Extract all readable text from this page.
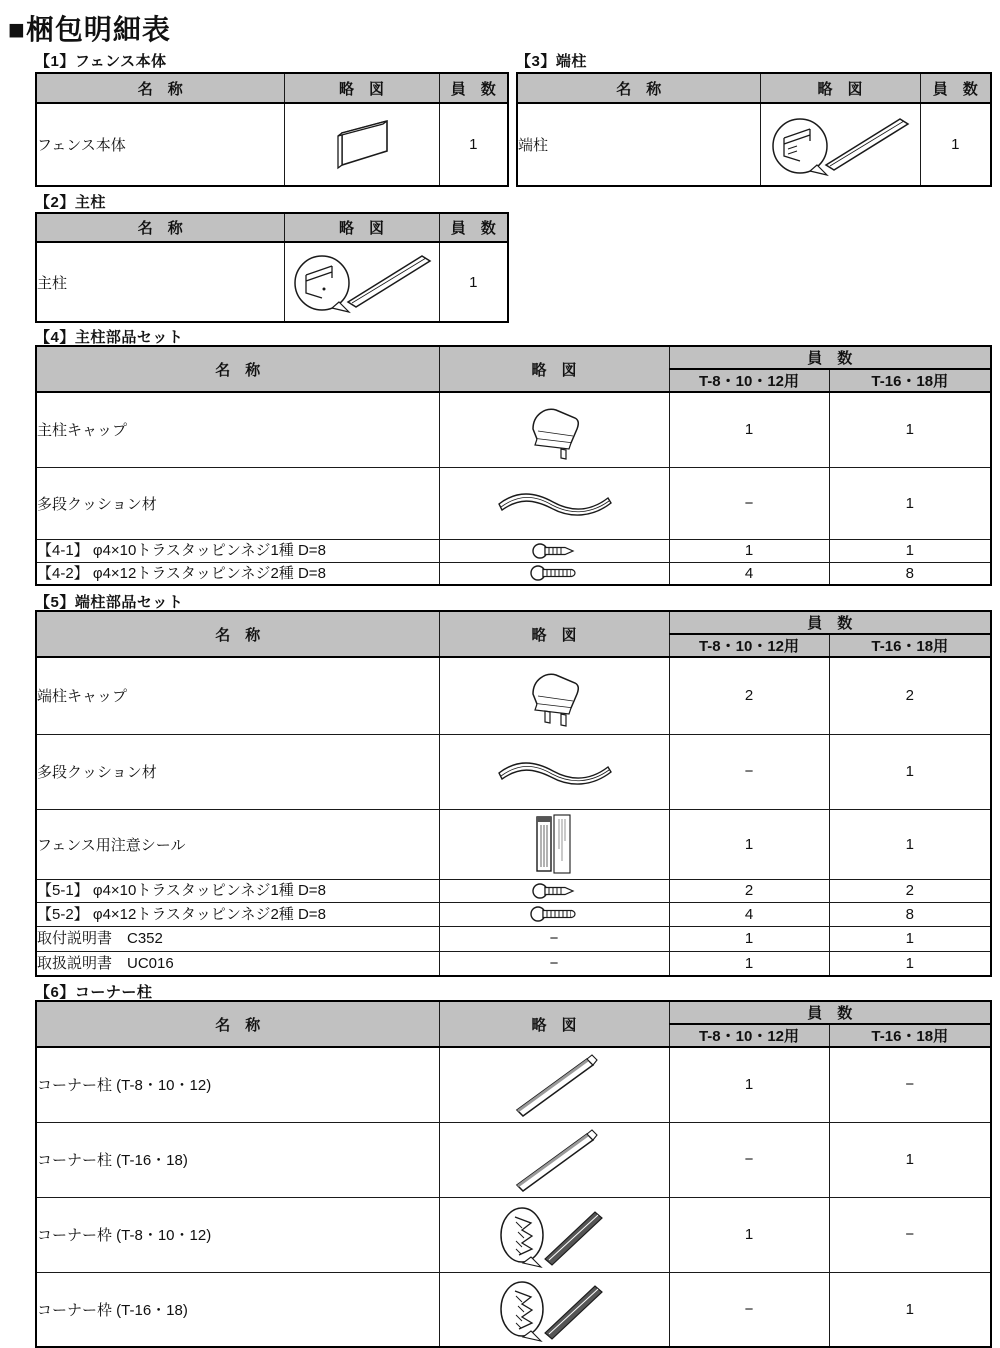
■梱包明細表
【1】フェンス本体
名　称	略　図	員　数
フェンス本体		1
【3】端柱
名　称	略　図	員　数
端柱		1
【2】主柱
名　称	略　図	員　数
主柱		1
【4】主柱部品セット
名　称	略　図	員　数	
		T-8・10・12用	T-16・18用
主柱キャップ		1	1
多段クッション材		−	1
【4-1】 φ4×10トラスタッピンネジ1種 D=8		1	1
【4-2】 φ4×12トラスタッピンネジ2種 D=8		4	8
【5】端柱部品セット
名　称	略　図	員　数	
		T-8・10・12用	T-16・18用
端柱キャップ		2	2
多段クッション材		−	1
フェンス用注意シール		1	1
【5-1】 φ4×10トラスタッピンネジ1種 D=8		2	2
【5-2】 φ4×12トラスタッピンネジ2種 D=8		4	8
取付説明書　C352	−	1	1
取扱説明書　UC016	−	1	1
【6】コーナー柱
名　称	略　図	員　数	
		T-8・10・12用	T-16・18用
コーナー柱 (T-8・10・12)		1	−
コーナー柱 (T-16・18)		−	1
コーナー枠 (T-8・10・12)		1	−
コーナー枠 (T-16・18)		−	1
